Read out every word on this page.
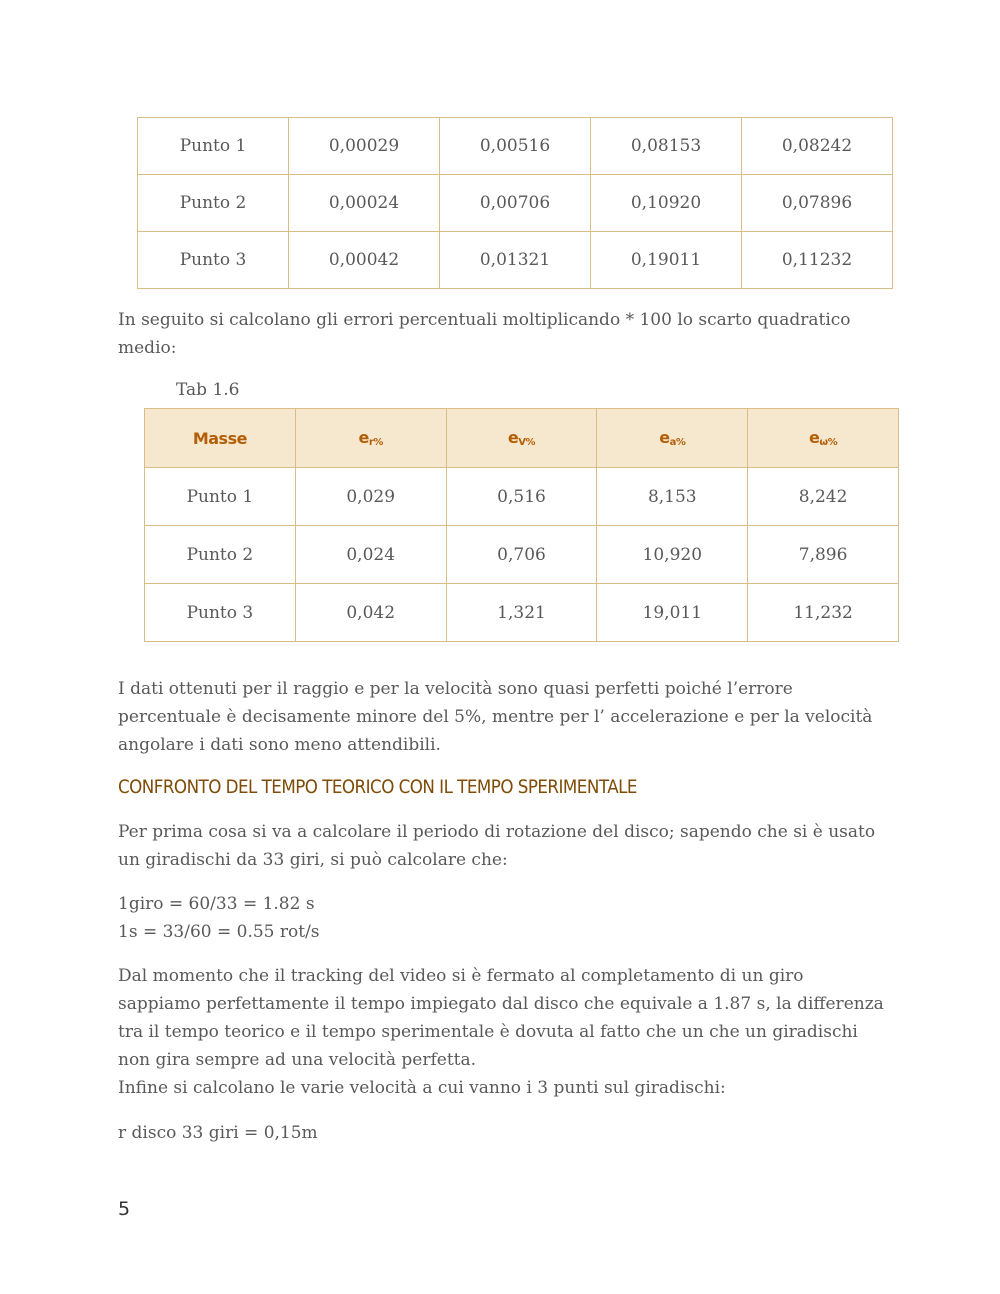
Punto 1	0,00029	0,00516	0,08153	0,08242
Punto 2	0,00024	0,00706	0,10920	0,07896
Punto 3	0,00042	0,01321	0,19011	0,11232

In seguito si calcolano gli errori percentuali moltiplicando * 100 lo scarto quadratico medio:

Tab 1.6
Masse	$e_{r\%}$	$e_{V\%}$	$e_{a\%}$	$e_{\omega\%}$
Punto 1	0,029	0,516	8,153	8,242
Punto 2	0,024	0,706	10,920	7,896
Punto 3	0,042	1,321	19,011	11,232

I dati ottenuti per il raggio e per la velocità sono quasi perfetti poiché l’errore percentuale è decisamente minore del 5%, mentre per l’ accelerazione e per la velocità angolare i dati sono meno attendibili.

CONFRONTO DEL TEMPO TEORICO CON IL TEMPO SPERIMENTALE

Per prima cosa si va a calcolare il periodo di rotazione del disco; sapendo che si è usato un giradischi da 33 giri, si può calcolare che:

1giro = 60/33 = 1.82 s

1s = 33/60 = 0.55 rot/s

Dal momento che il tracking del video si è fermato al completamento di un giro sappiamo perfettamente il tempo impiegato dal disco che equivale a 1.87 s, la differenza tra il tempo teorico e il tempo sperimentale è dovuta al fatto che un che un giradischi non gira sempre ad una velocità perfetta.

Infine si calcolano le varie velocità a cui vanno i 3 punti sul giradischi:

r disco 33 giri = 0,15m

5
